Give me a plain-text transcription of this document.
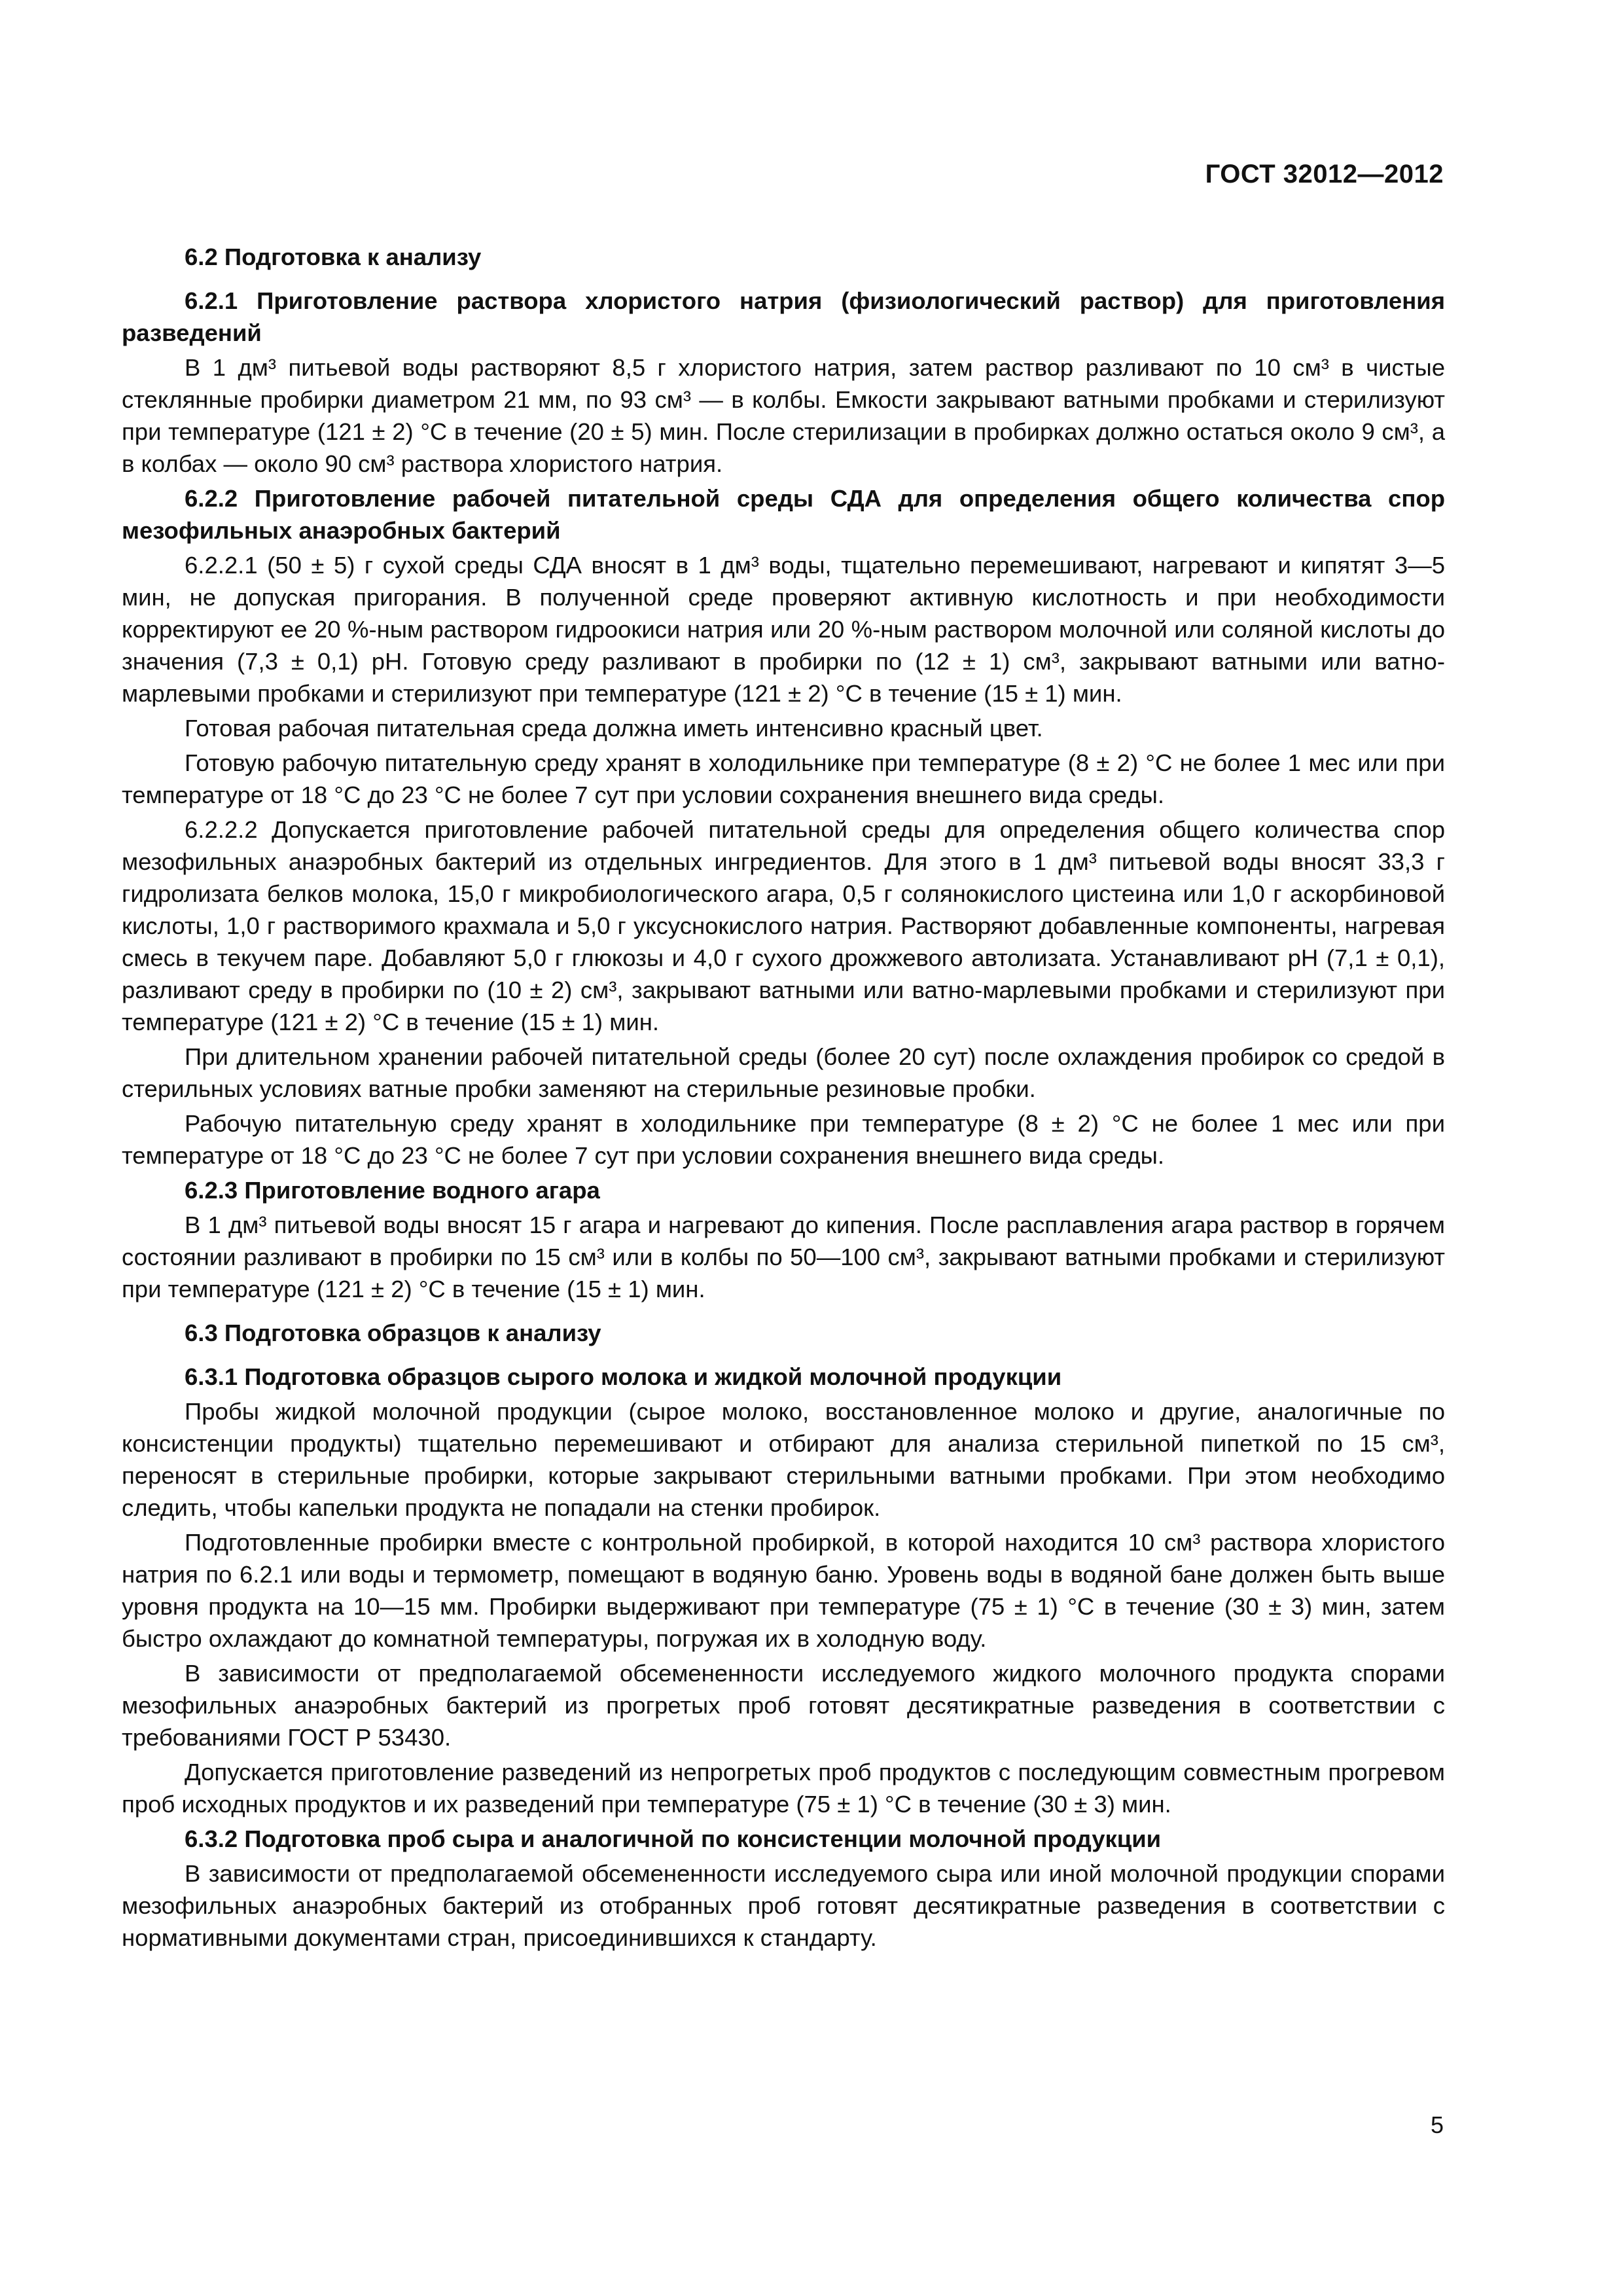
ГОСТ 32012—2012
6.2 Подготовка к анализу
6.2.1 Приготовление раствора хлористого натрия (физиологический раствор) для приготовления разведений
В 1 дм³ питьевой воды растворяют 8,5 г хлористого натрия, затем раствор разливают по 10 см³ в чистые стеклянные пробирки диаметром 21 мм, по 93 см³ — в колбы. Емкости закрывают ватными пробками и стерилизуют при температуре (121 ± 2) °С в течение (20 ± 5) мин. После стерилизации в пробирках должно остаться около 9 см³, а в колбах — около 90 см³ раствора хлористого натрия.
6.2.2 Приготовление рабочей питательной среды СДА для определения общего количества спор мезофильных анаэробных бактерий
6.2.2.1 (50 ± 5) г сухой среды СДА вносят в 1 дм³ воды, тщательно перемешивают, нагревают и кипятят 3—5 мин, не допуская пригорания. В полученной среде проверяют активную кислотность и при необходимости корректируют ее 20 %-ным раствором гидроокиси натрия или 20 %-ным раствором молочной или соляной кислоты до значения (7,3 ± 0,1) pH. Готовую среду разливают в пробирки по (12 ± 1) см³, закрывают ватными или ватно-марлевыми пробками и стерилизуют при температуре (121 ± 2) °С в течение (15 ± 1) мин.
Готовая рабочая питательная среда должна иметь интенсивно красный цвет.
Готовую рабочую питательную среду хранят в холодильнике при температуре (8 ± 2) °С не более 1 мес или при температуре от 18 °С до 23 °С не более 7 сут при условии сохранения внешнего вида среды.
6.2.2.2 Допускается приготовление рабочей питательной среды для определения общего количества спор мезофильных анаэробных бактерий из отдельных ингредиентов. Для этого в 1 дм³ питьевой воды вносят 33,3 г гидролизата белков молока, 15,0 г микробиологического агара, 0,5 г солянокислого цистеина или 1,0 г аскорбиновой кислоты, 1,0 г растворимого крахмала и 5,0 г уксуснокислого натрия. Растворяют добавленные компоненты, нагревая смесь в текучем паре. Добавляют 5,0 г глюкозы и 4,0 г сухого дрожжевого автолизата. Устанавливают pH (7,1 ± 0,1), разливают среду в пробирки по (10 ± 2) см³, закрывают ватными или ватно-марлевыми пробками и стерилизуют при температуре (121 ± 2) °С в течение (15 ± 1) мин.
При длительном хранении рабочей питательной среды (более 20 сут) после охлаждения пробирок со средой в стерильных условиях ватные пробки заменяют на стерильные резиновые пробки.
Рабочую питательную среду хранят в холодильнике при температуре (8 ± 2) °С не более 1 мес или при температуре от 18 °С до 23 °С не более 7 сут при условии сохранения внешнего вида среды.
6.2.3 Приготовление водного агара
В 1 дм³ питьевой воды вносят 15 г агара и нагревают до кипения. После расплавления агара раствор в горячем состоянии разливают в пробирки по 15 см³ или в колбы по 50—100 см³, закрывают ватными пробками и стерилизуют при температуре (121 ± 2) °С в течение (15 ± 1) мин.
6.3 Подготовка образцов к анализу
6.3.1 Подготовка образцов сырого молока и жидкой молочной продукции
Пробы жидкой молочной продукции (сырое молоко, восстановленное молоко и другие, аналогичные по консистенции продукты) тщательно перемешивают и отбирают для анализа стерильной пипеткой по 15 см³, переносят в стерильные пробирки, которые закрывают стерильными ватными пробками. При этом необходимо следить, чтобы капельки продукта не попадали на стенки пробирок.
Подготовленные пробирки вместе с контрольной пробиркой, в которой находится 10 см³ раствора хлористого натрия по 6.2.1 или воды и термометр, помещают в водяную баню. Уровень воды в водяной бане должен быть выше уровня продукта на 10—15 мм. Пробирки выдерживают при температуре (75 ± 1) °С в течение (30 ± 3) мин, затем быстро охлаждают до комнатной температуры, погружая их в холодную воду.
В зависимости от предполагаемой обсемененности исследуемого жидкого молочного продукта спорами мезофильных анаэробных бактерий из прогретых проб готовят десятикратные разведения в соответствии с требованиями ГОСТ Р 53430.
Допускается приготовление разведений из непрогретых проб продуктов с последующим совместным прогревом проб исходных продуктов и их разведений при температуре (75 ± 1) °С в течение (30 ± 3) мин.
6.3.2 Подготовка проб сыра и аналогичной по консистенции молочной продукции
В зависимости от предполагаемой обсемененности исследуемого сыра или иной молочной продукции спорами мезофильных анаэробных бактерий из отобранных проб готовят десятикратные разведения в соответствии с нормативными документами стран, присоединившихся к стандарту.
5
